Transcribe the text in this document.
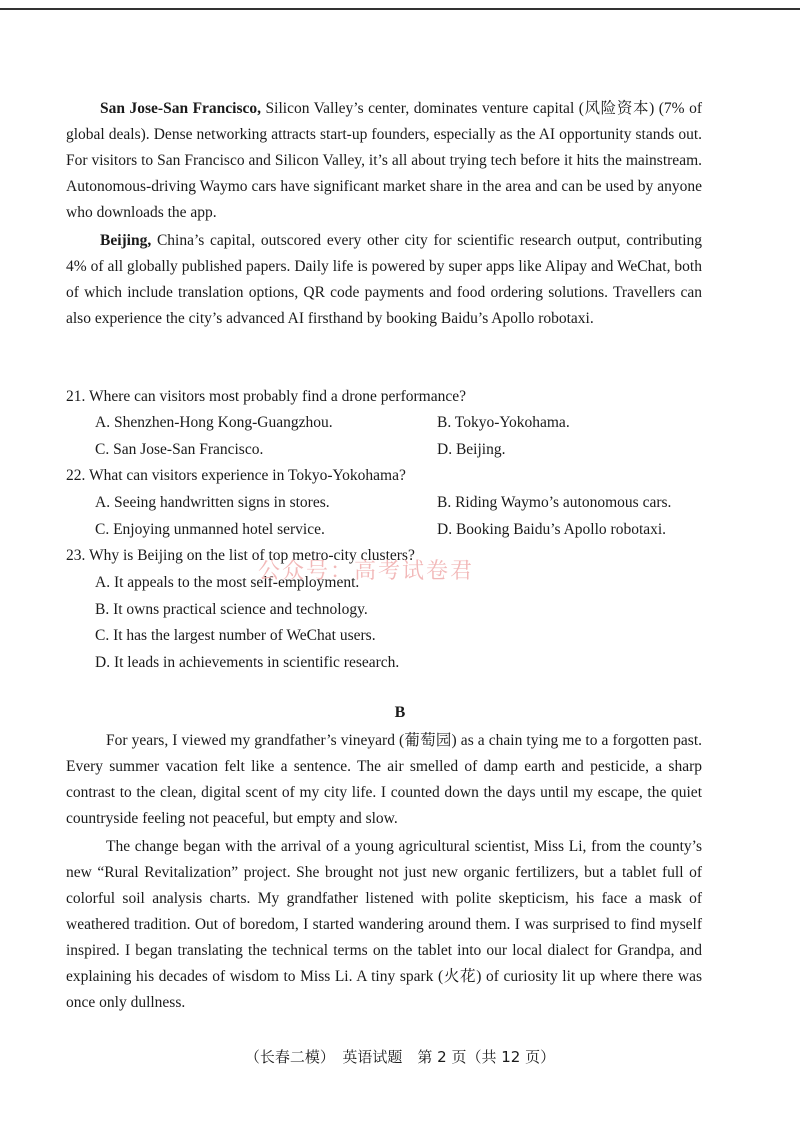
San Jose-San Francisco, Silicon Valley’s center, dominates venture capital (风险资本) (7% of global deals). Dense networking attracts start-up founders, especially as the AI opportunity stands out. For visitors to San Francisco and Silicon Valley, it’s all about trying tech before it hits the mainstream. Autonomous-driving Waymo cars have significant market share in the area and can be used by anyone who downloads the app.

Beijing, China’s capital, outscored every other city for scientific research output, contributing 4% of all globally published papers. Daily life is powered by super apps like Alipay and WeChat, both of which include translation options, QR code payments and food ordering solutions. Travellers can also experience the city’s advanced AI firsthand by booking Baidu’s Apollo robotaxi.

21. Where can visitors most probably find a drone performance?
A. Shenzhen-Hong Kong-Guangzhou.	B. Tokyo-Yokohama.
C. San Jose-San Francisco.	D. Beijing.
22. What can visitors experience in Tokyo-Yokohama?
A. Seeing handwritten signs in stores.	B. Riding Waymo’s autonomous cars.
C. Enjoying unmanned hotel service.	D. Booking Baidu’s Apollo robotaxi.
23. Why is Beijing on the list of top metro-city clusters?
A. It appeals to the most self-employment.
B. It owns practical science and technology.
C. It has the largest number of WeChat users.
D. It leads in achievements in scientific research.
公众号：高考试卷君
B

For years, I viewed my grandfather’s vineyard (葡萄园) as a chain tying me to a forgotten past. Every summer vacation felt like a sentence. The air smelled of damp earth and pesticide, a sharp contrast to the clean, digital scent of my city life. I counted down the days until my escape, the quiet countryside feeling not peaceful, but empty and slow.

The change began with the arrival of a young agricultural scientist, Miss Li, from the county’s new “Rural Revitalization” project. She brought not just new organic fertilizers, but a tablet full of colorful soil analysis charts. My grandfather listened with polite skepticism, his face a mask of weathered tradition. Out of boredom, I started wandering around them. I was surprised to find myself inspired. I began translating the technical terms on the tablet into our local dialect for Grandpa, and explaining his decades of wisdom to Miss Li. A tiny spark (火花) of curiosity lit up where there was once only dullness.

（长春二模）　英语试题　第 2 页（共 12 页）
